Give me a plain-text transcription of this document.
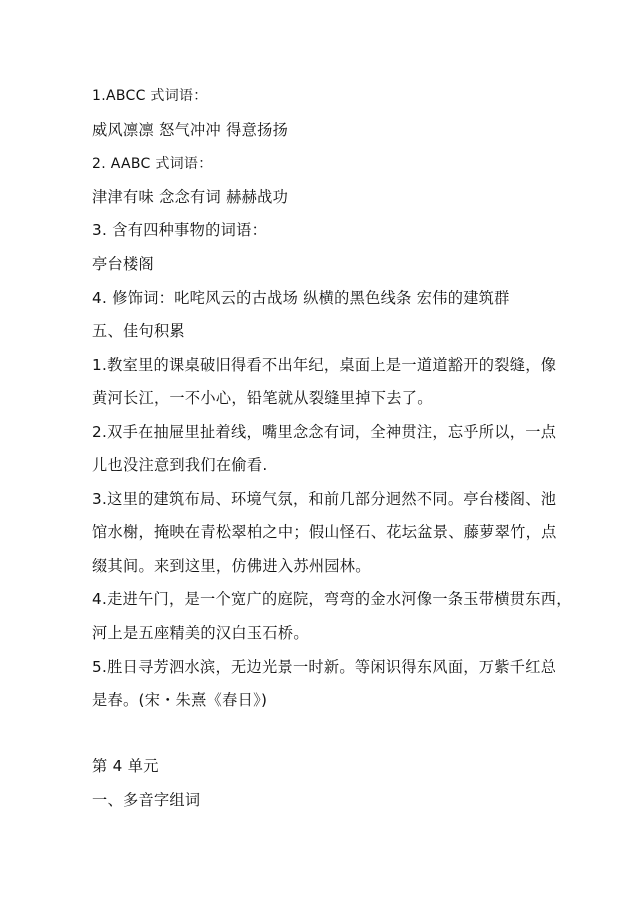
1.ABCC 式词语：
威风凛凛 怒气冲冲 得意扬扬
2. AABC 式词语：
津津有味 念念有词 赫赫战功
3. 含有四种事物的词语：
亭台楼阁
4. 修饰词：叱咤风云的古战场 纵横的黑色线条 宏伟的建筑群
五、佳句积累
1.教室里的课桌破旧得看不出年纪，桌面上是一道道豁开的裂缝，像
黄河长江，一不小心，铅笔就从裂缝里掉下去了。
2.双手在抽屉里扯着线，嘴里念念有词，全神贯注，忘乎所以，一点
儿也没注意到我们在偷看.
3.这里的建筑布局、环境气氛，和前几部分迥然不同。亭台楼阁、池
馆水榭，掩映在青松翠柏之中；假山怪石、花坛盆景、藤萝翠竹，点
缀其间。来到这里，仿佛进入苏州园林。
4.走进午门，是一个宽广的庭院，弯弯的金水河像一条玉带横贯东西，
河上是五座精美的汉白玉石桥。
5.胜日寻芳泗水滨，无边光景一时新。等闲识得东风面，万紫千红总
是春。(宋・朱熹《春日》)
第 4 单元
一、多音字组词
